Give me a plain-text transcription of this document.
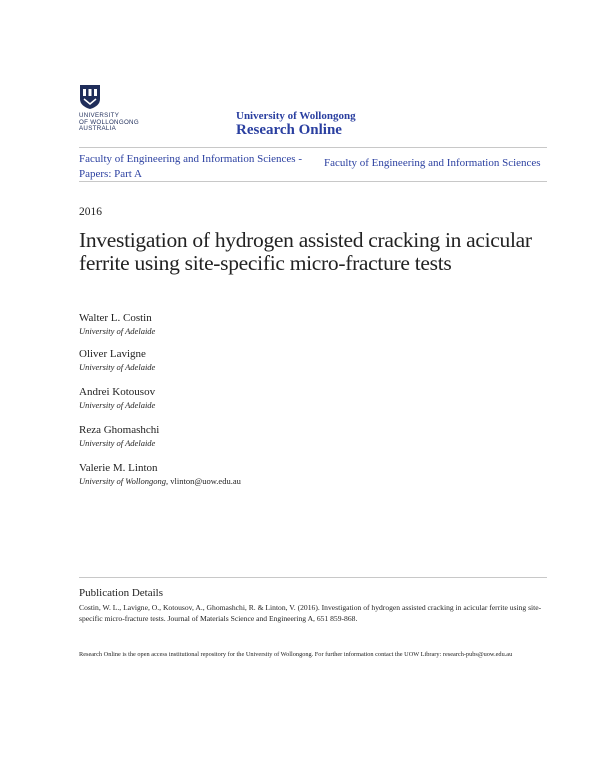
UNIVERSITY
OF WOLLONGONG
AUSTRALIA
University of Wollongong
Research Online
Faculty of Engineering and Information Sciences - Papers: Part A
Faculty of Engineering and Information Sciences
2016
Investigation of hydrogen assisted cracking in acicular ferrite using site-specific micro-fracture tests
Walter L. Costin
University of Adelaide
Oliver Lavigne
University of Adelaide
Andrei Kotousov
University of Adelaide
Reza Ghomashchi
University of Adelaide
Valerie M. Linton
University of Wollongong, vlinton@uow.edu.au
Publication Details
Costin, W. L., Lavigne, O., Kotousov, A., Ghomashchi, R. & Linton, V. (2016). Investigation of hydrogen assisted cracking in acicular ferrite using site-specific micro-fracture tests. Journal of Materials Science and Engineering A, 651 859-868.
Research Online is the open access institutional repository for the University of Wollongong. For further information contact the UOW Library: research-pubs@uow.edu.au
